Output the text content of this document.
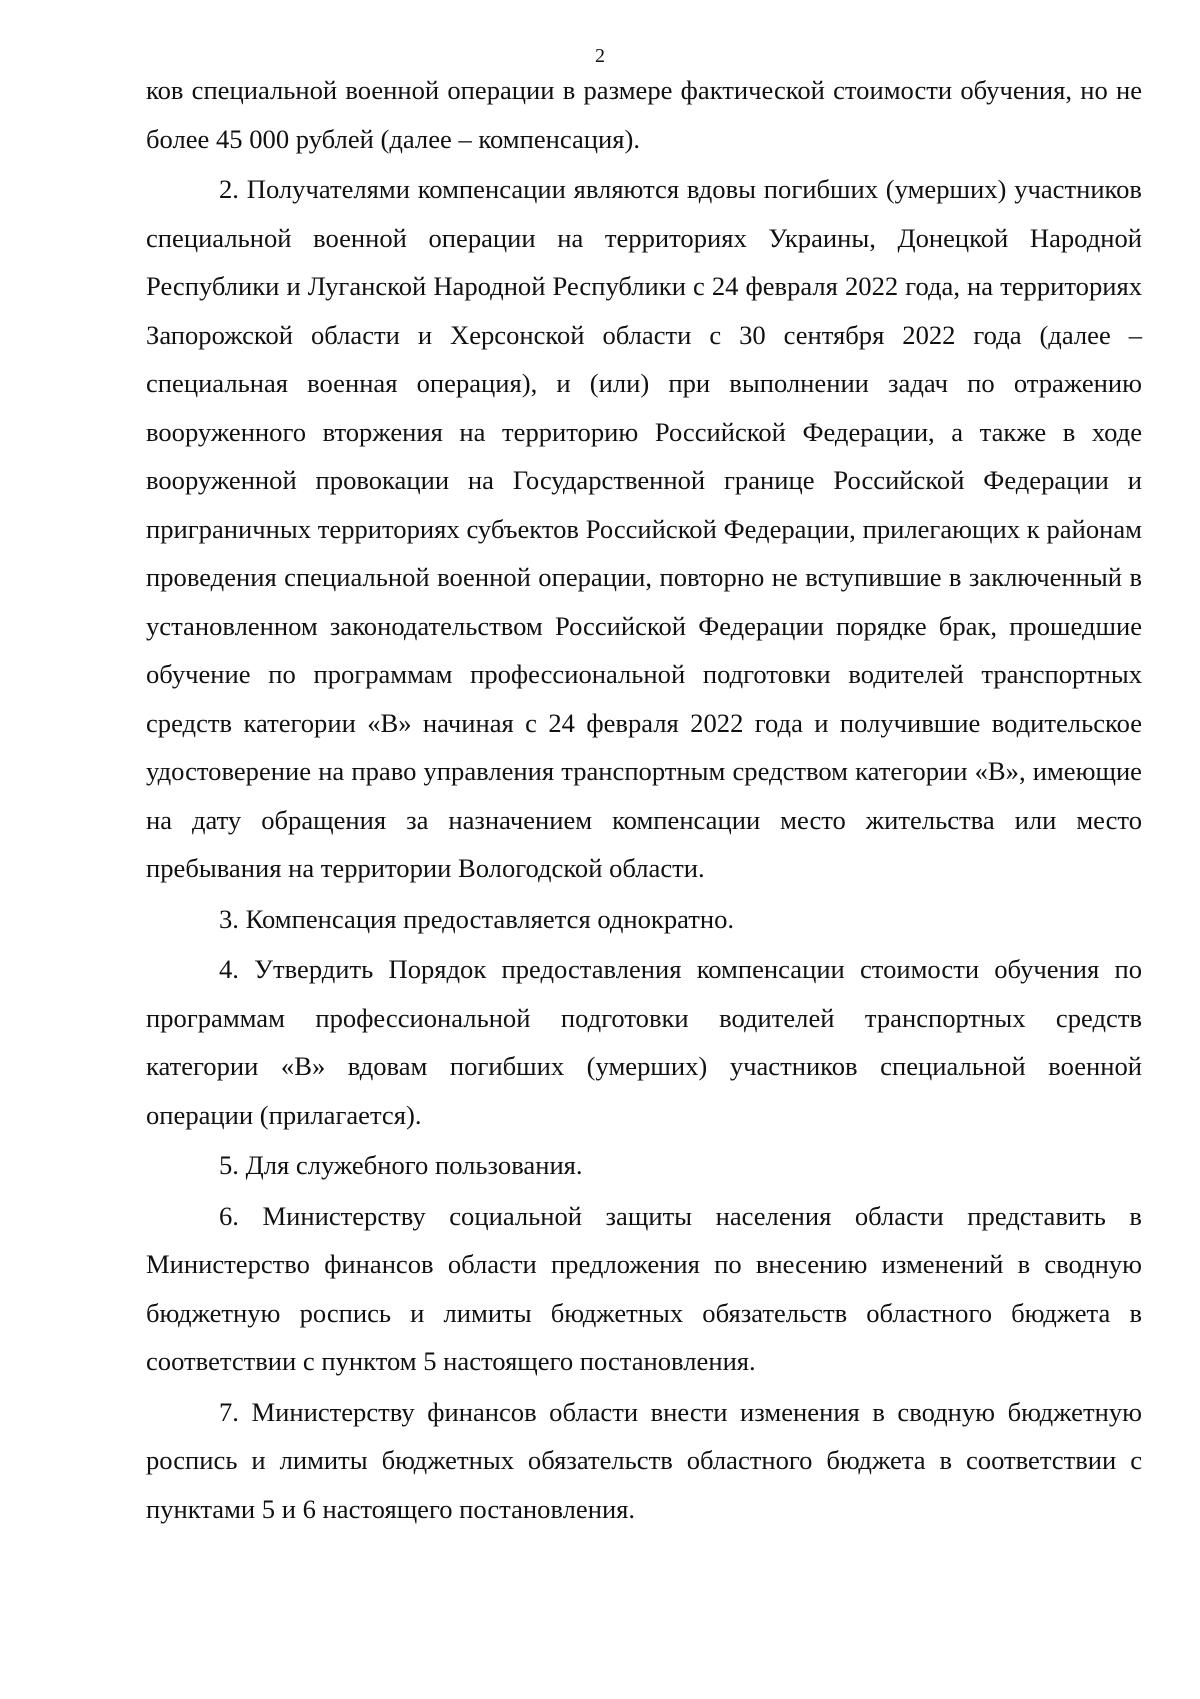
2

ков специальной военной операции в размере фактической стоимости обучения, но не более 45 000 рублей (далее – компенсация).

2. Получателями компенсации являются вдовы погибших (умерших) участников специальной военной операции на территориях Украины, Донецкой Народной Республики и Луганской Народной Республики с 24 февраля 2022 года, на территориях Запорожской области и Херсонской области с 30 сентября 2022 года (далее – специальная военная операция), и (или) при выполнении задач по отражению вооруженного вторжения на территорию Российской Федерации, а также в ходе вооруженной провокации на Государственной границе Российской Федерации и приграничных территориях субъектов Российской Федерации, прилегающих к районам проведения специальной военной операции, повторно не вступившие в заключенный в установленном законодательством Российской Федерации порядке брак, прошедшие обучение по программам профессиональной подготовки водителей транспортных средств категории «В» начиная с 24 февраля 2022 года и получившие водительское удостоверение на право управления транспортным средством категории «В», имеющие на дату обращения за назначением компенсации место жительства или место пребывания на территории Вологодской области.

3. Компенсация предоставляется однократно.

4. Утвердить Порядок предоставления компенсации стоимости обучения по программам профессиональной подготовки водителей транспортных средств категории «В» вдовам погибших (умерших) участников специальной военной операции (прилагается).

5. Для служебного пользования.

6. Министерству социальной защиты населения области представить в Министерство финансов области предложения по внесению изменений в сводную бюджетную роспись и лимиты бюджетных обязательств областного бюджета в соответствии с пунктом 5 настоящего постановления.

7. Министерству финансов области внести изменения в сводную бюджетную роспись и лимиты бюджетных обязательств областного бюджета в соответствии с пунктами 5 и 6 настоящего постановления.
